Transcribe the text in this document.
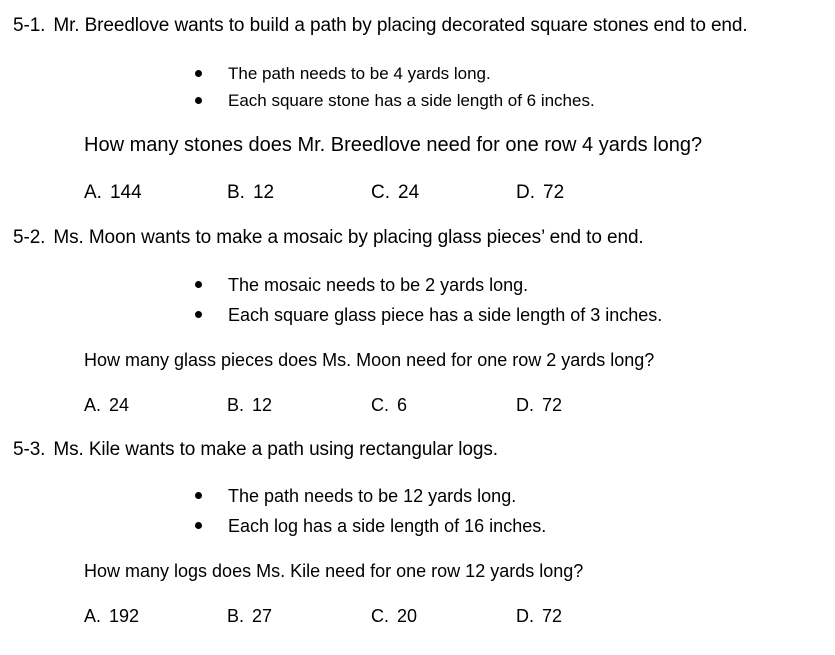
5-1. Mr. Breedlove wants to build a path by placing decorated square stones end to end.
The path needs to be 4 yards long.
Each square stone has a side length of 6 inches.
How many stones does Mr. Breedlove need for one row 4 yards long?
A. 144	B. 12	C. 24	D. 72
5-2. Ms. Moon wants to make a mosaic by placing glass pieces’ end to end.
The mosaic needs to be 2 yards long.
Each square glass piece has a side length of 3 inches.
How many glass pieces does Ms. Moon need for one row 2 yards long?
A. 24	B. 12	C. 6	D. 72
5-3. Ms. Kile wants to make a path using rectangular logs.
The path needs to be 12 yards long.
Each log has a side length of 16 inches.
How many logs does Ms. Kile need for one row 12 yards long?
A. 192	B. 27	C. 20	D. 72
